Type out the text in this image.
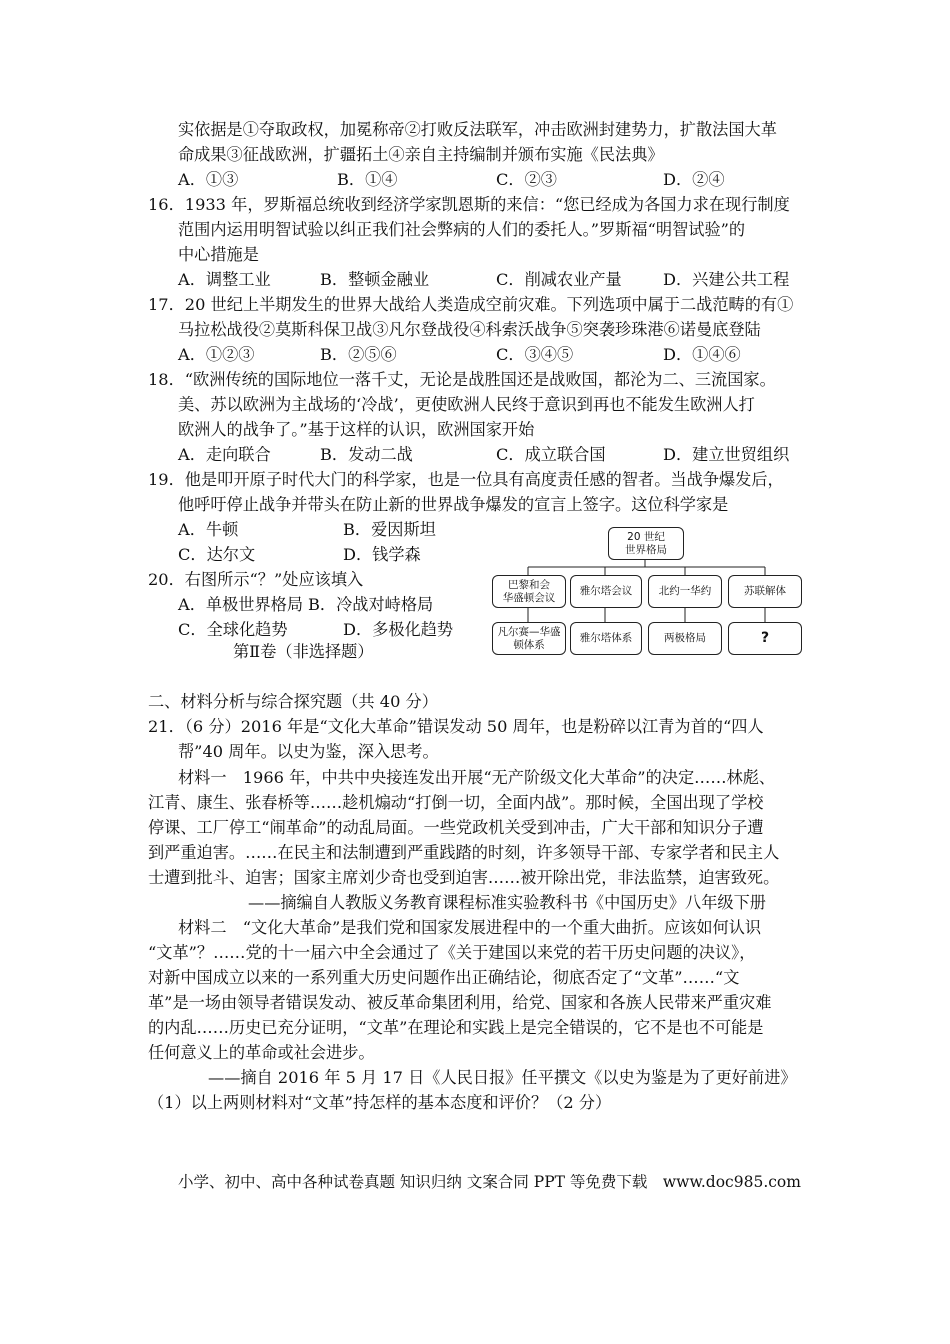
实依据是①夺取政权，加冕称帝②打败反法联军，冲击欧洲封建势力，扩散法国大革
命成果③征战欧洲，扩疆拓土④亲自主持编制并颁布实施《民法典》
A．①③	B．①④	C．②③	D．②④
16．1933 年，罗斯福总统收到经济学家凯恩斯的来信：“您已经成为各国力求在现行制度
范围内运用明智试验以纠正我们社会弊病的人们的委托人。”罗斯福“明智试验”的
中心措施是
A．调整工业	B．整顿金融业	C．削减农业产量	D．兴建公共工程
17．20 世纪上半期发生的世界大战给人类造成空前灾难。下列选项中属于二战范畴的有①
马拉松战役②莫斯科保卫战③凡尔登战役④科索沃战争⑤突袭珍珠港⑥诺曼底登陆
A．①②③	B．②⑤⑥	C．③④⑤	D．①④⑥
18．“欧洲传统的国际地位一落千丈，无论是战胜国还是战败国，都沦为二、三流国家。
美、苏以欧洲为主战场的‘冷战’，更使欧洲人民终于意识到再也不能发生欧洲人打
欧洲人的战争了。”基于这样的认识，欧洲国家开始
A．走向联合	B．发动二战	C．成立联合国	D．建立世贸组织
19．他是叩开原子时代大门的科学家，也是一位具有高度责任感的智者。当战争爆发后，
他呼吁停止战争并带头在防止新的世界战争爆发的宣言上签字。这位科学家是
A．牛顿	B．爱因斯坦
C．达尔文	D．钱学森
20．右图所示“？”处应该填入
A．单极世界格局 B．冷战对峙格局
C．全球化趋势	D．多极化趋势
20 世纪
世界格局
巴黎和会
华盛顿会议
雅尔塔会议	北约一华约	苏联解体
凡尔赛—华盛
顿体系
雅尔塔体系	两极格局	?
第Ⅱ卷（非选择题）
二、材料分析与综合探究题（共 40 分）
21．（6 分）2016 年是“文化大革命”错误发动 50 周年，也是粉碎以江青为首的“四人
帮”40 周年。以史为鉴，深入思考。
材料一　1966 年，中共中央接连发出开展“无产阶级文化大革命”的决定……林彪、
江青、康生、张春桥等……趁机煽动“打倒一切，全面内战”。那时候，全国出现了学校
停课、工厂停工“闹革命”的动乱局面。一些党政机关受到冲击，广大干部和知识分子遭
到严重迫害。……在民主和法制遭到严重践踏的时刻，许多领导干部、专家学者和民主人
士遭到批斗、迫害；国家主席刘少奇也受到迫害……被开除出党，非法监禁，迫害致死。
——摘编自人教版义务教育课程标准实验教科书《中国历史》八年级下册
材料二　“文化大革命”是我们党和国家发展进程中的一个重大曲折。应该如何认识
“文革”？……党的十一届六中全会通过了《关于建国以来党的若干历史问题的决议》，
对新中国成立以来的一系列重大历史问题作出正确结论，彻底否定了“文革”……“文
革”是一场由领导者错误发动、被反革命集团利用，给党、国家和各族人民带来严重灾难
的内乱……历史已充分证明，“文革”在理论和实践上是完全错误的，它不是也不可能是
任何意义上的革命或社会进步。
——摘自 2016 年 5 月 17 日《人民日报》任平撰文《以史为鉴是为了更好前进》
（1）以上两则材料对“文革”持怎样的基本态度和评价？（2 分）
小学、初中、高中各种试卷真题 知识归纳 文案合同 PPT 等免费下载　www.doc985.com
